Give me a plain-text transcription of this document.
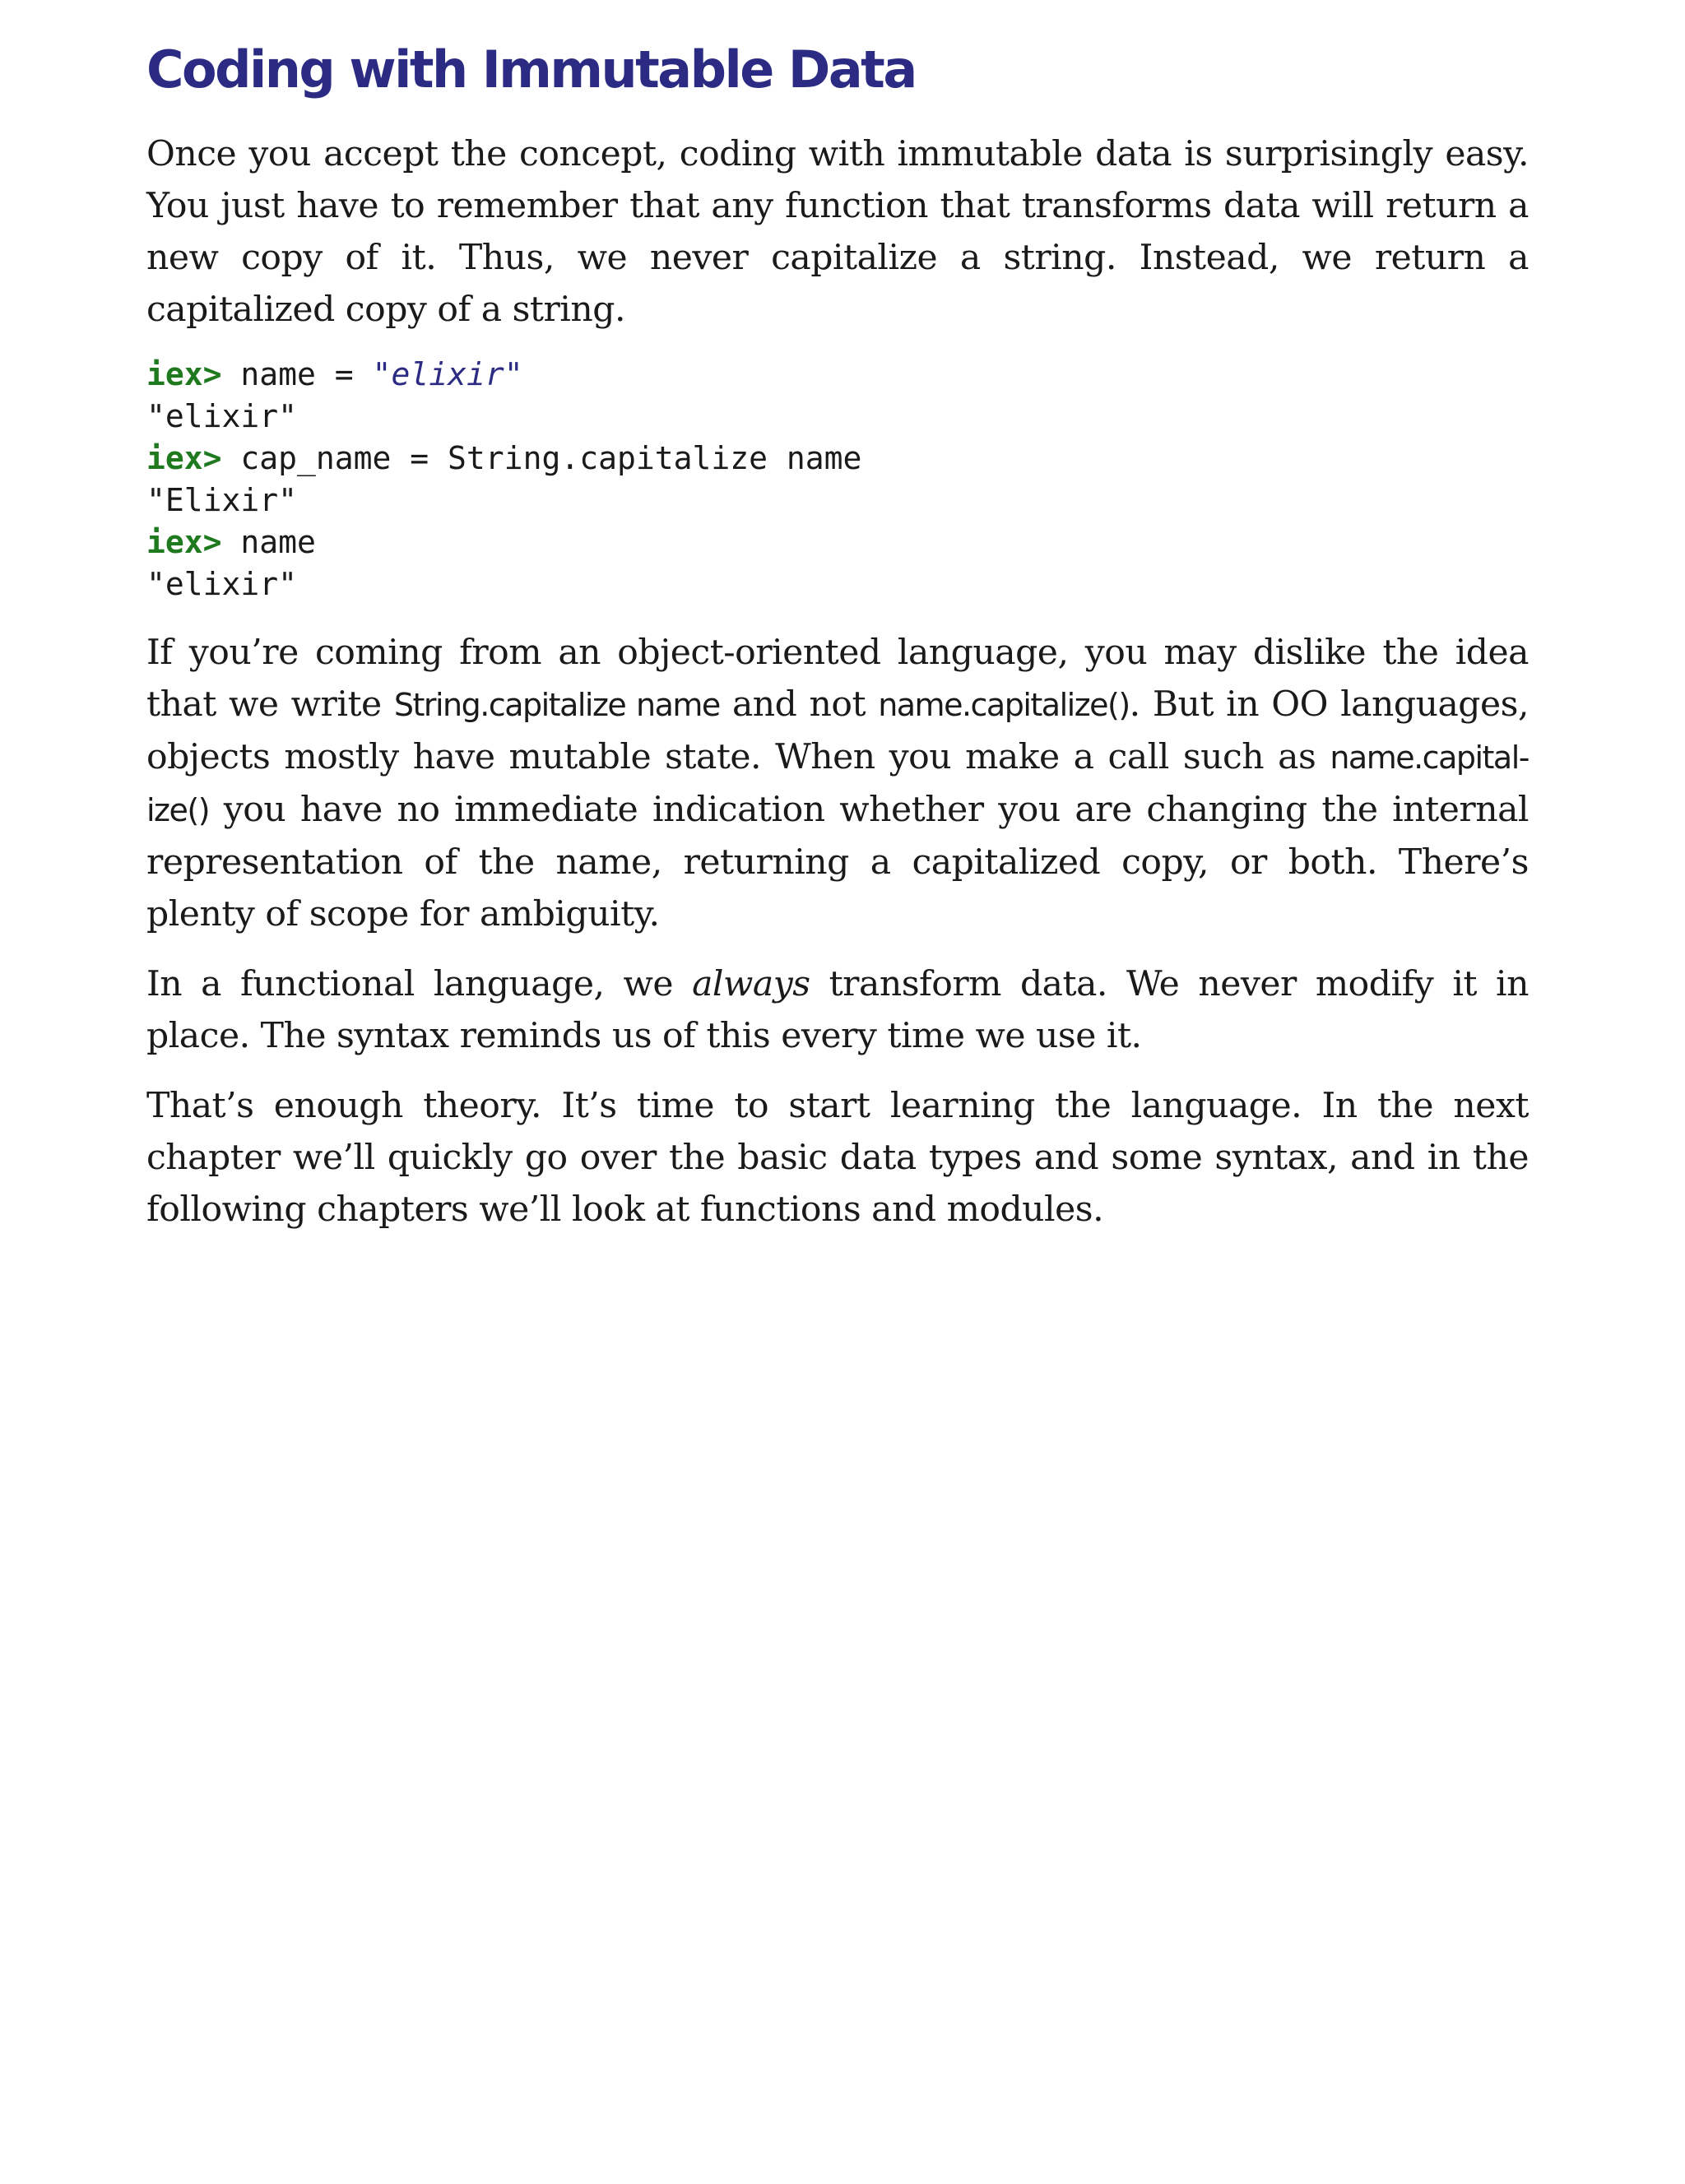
Coding with Immutable Data

Once you accept the concept, coding with immutable data is surprisingly easy. You just have to remember that any function that transforms data will return a new copy of it. Thus, we never capitalize a string. Instead, we return a capitalized copy of a string.

iex> name = "elixir"
"elixir"
iex> cap_name = String.capitalize name
"Elixir"
iex> name
"elixir"

If you’re coming from an object-oriented language, you may dislike the idea that we write String.capitalize name and not name.capitalize(). But in OO languages, objects mostly have mutable state. When you make a call such as name.capital-ize() you have no immediate indication whether you are changing the internal representation of the name, returning a capitalized copy, or both. There’s plenty of scope for ambiguity.

In a functional language, we always transform data. We never modify it in place. The syntax reminds us of this every time we use it.

That’s enough theory. It’s time to start learning the language. In the next chapter we’ll quickly go over the basic data types and some syntax, and in the following chapters we’ll look at functions and modules.
